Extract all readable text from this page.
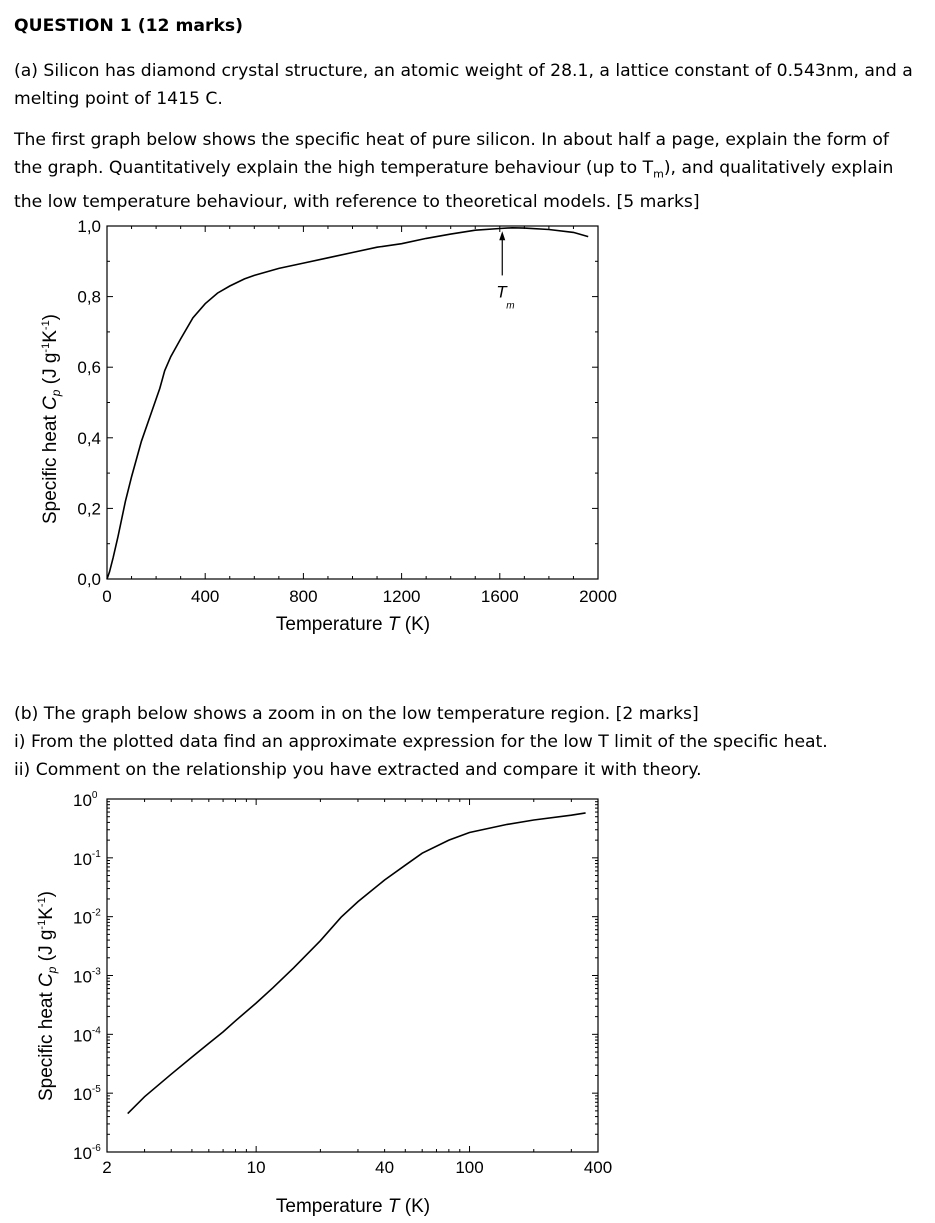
QUESTION 1 (12 marks)

(a) Silicon has diamond crystal structure, an atomic weight of 28.1, a lattice constant of 0.543nm, and a melting point of 1415 C.

The first graph below shows the specific heat of pure silicon. In about half a page, explain the form of the graph. Quantitatively explain the high temperature behaviour (up to $T_m$), and qualitatively explain the low temperature behaviour, with reference to theoretical models. [5 marks]

0	400	800	1200	1600	2000
0,0
0,2
0,4
0,6
0,8
1,0
T
m
Specific heat $C_p$ (J $g^{-1}K^{-1}$)
Temperature T (K)

(b) The graph below shows a zoom in on the low temperature region. [2 marks]

i) From the plotted data find an approximate expression for the low T limit of the specific heat.

ii) Comment on the relationship you have extracted and compare it with theory.

2	10	40	100	400
$10^{-6}$
$10^{-5}$
$10^{-4}$
$10^{-3}$
$10^{-2}$
$10^{-1}$
$10^0$
Specific heat $C_p$ (J $g^{-1}K^{-1}$)
Temperature T (K)
